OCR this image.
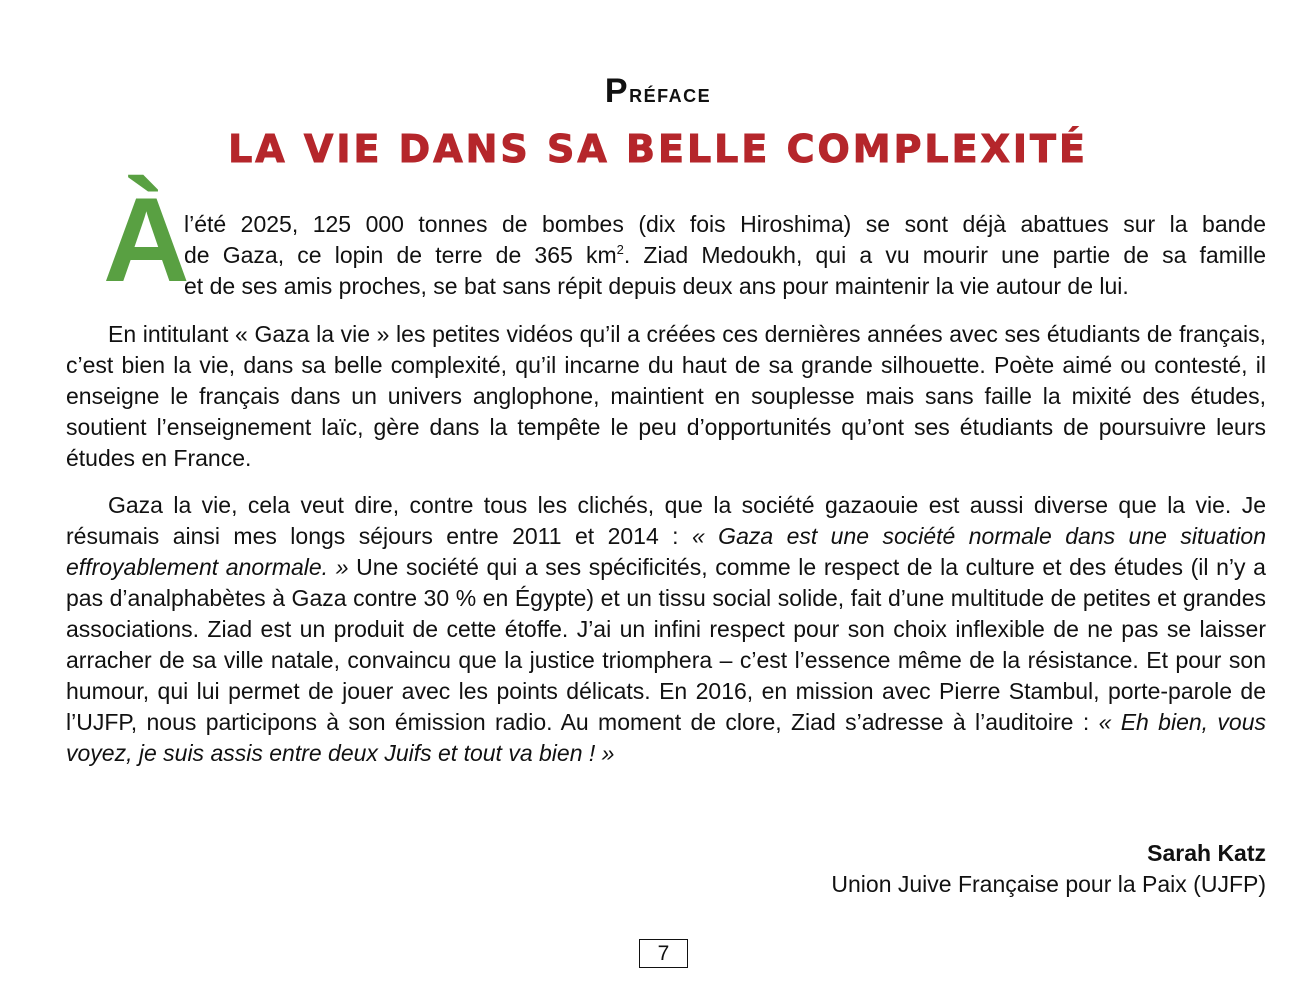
Préface
LA VIE DANS SA BELLE COMPLEXITÉ
À
l’été 2025, 125 000 tonnes de bombes (dix fois Hiroshima) se sont déjà abattues sur la bande
de Gaza, ce lopin de terre de 365 $km^2$. Ziad Medoukh, qui a vu mourir une partie de sa famille
et de ses amis proches, se bat sans répit depuis deux ans pour maintenir la vie autour de lui.

En intitulant « Gaza la vie » les petites vidéos qu’il a créées ces dernières années avec ses étudiants de français, c’est bien la vie, dans sa belle complexité, qu’il incarne du haut de sa grande silhouette. Poète aimé ou contesté, il enseigne le français dans un univers anglophone, maintient en souplesse mais sans faille la mixité des études, soutient l’enseignement laïc, gère dans la tempête le peu d’opportunités qu’ont ses étudiants de poursuivre leurs études en France.

Gaza la vie, cela veut dire, contre tous les clichés, que la société gazaouie est aussi diverse que la vie. Je résumais ainsi mes longs séjours entre 2011 et 2014 : « Gaza est une société normale dans une situation effroyablement anormale. » Une société qui a ses spécificités, comme le respect de la culture et des études (il n’y a pas d’analphabètes à Gaza contre 30 % en Égypte) et un tissu social solide, fait d’une multitude de petites et grandes associations. Ziad est un produit de cette étoffe. J’ai un infini respect pour son choix inflexible de ne pas se laisser arracher de sa ville natale, convaincu que la justice triomphera – c’est l’essence même de la résistance. Et pour son humour, qui lui permet de jouer avec les points délicats. En 2016, en mission avec Pierre Stambul, porte-parole de l’UJFP, nous participons à son émission radio. Au moment de clore, Ziad s’adresse à l’auditoire : « Eh bien, vous voyez, je suis assis entre deux Juifs et tout va bien ! »

Sarah Katz
Union Juive Française pour la Paix (UJFP)
7
